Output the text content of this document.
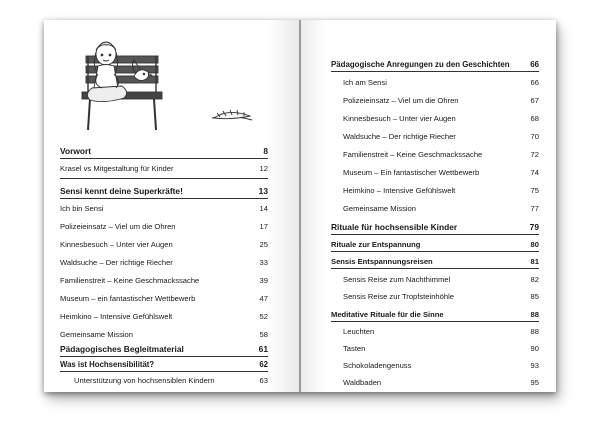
Vorwort	8
Krasel vs Mitgestaltung für Kinder	12
Sensi kennt deine Superkräfte!	13
Ich bin Sensi	14
Polizeieinsatz – Viel um die Ohren	17
Kinnesbesuch – Unter vier Augen	25
Waldsuche – Der richtige Riecher	33
Familienstreit – Keine Geschmackssache	39
Museum – ein fantastischer Wettbewerb	47
Heimkino – Intensive Gefühlswelt	52
Gemeinsame Mission	58
Pädagogisches Begleitmaterial	61
Was ist Hochsensibilität?	62
Unterstützung von hochsensiblen Kindern	63
Pädagogische Anregungen zu den Geschichten	66
Ich am Sensi	66
Polizeieinsatz – Viel um die Ohren	67
Kinnesbesuch – Unter vier Augen	68
Waldsuche – Der richtige Riecher	70
Familienstreit – Keine Geschmackssache	72
Museum – Ein fantastischer Wettbewerb	74
Heimkino – Intensive Gefühlswelt	75
Gemeinsame Mission	77
Rituale für hochsensible Kinder	79
Rituale zur Entspannung	80
Sensis Entspannungsreisen	81
Sensis Reise zum Nachthimmel	82
Sensis Reise zur Tropfsteinhöhle	85
Meditative Rituale für die Sinne	88
Leuchten	88
Tasten	90
Schokoladengenuss	93
Waldbaden	95
